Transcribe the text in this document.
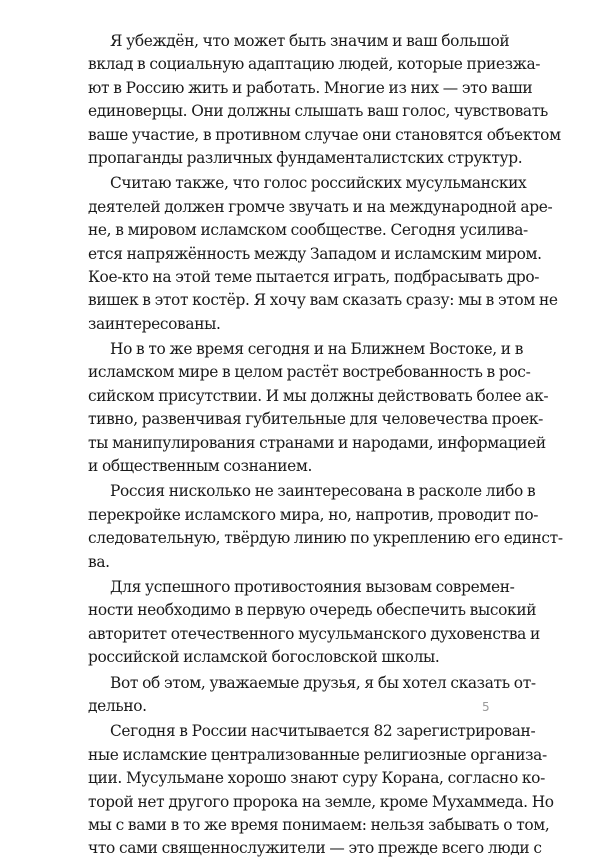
Я убеждён, что может быть значим и ваш большой
вклад в социальную адаптацию людей, которые приезжа-
ют в Россию жить и работать. Многие из них — это ваши
единоверцы. Они должны слышать ваш голос, чувствовать
ваше участие, в противном случае они становятся объектом
пропаганды различных фундаменталистских структур.
Считаю также, что голос российских мусульманских
деятелей должен громче звучать и на международной аре-
не, в мировом исламском сообществе. Сегодня усилива-
ется напряжённость между Западом и исламским миром.
Кое-кто на этой теме пытается играть, подбрасывать дро-
вишек в этот костёр. Я хочу вам сказать сразу: мы в этом не
заинтересованы.
Но в то же время сегодня и на Ближнем Востоке, и в
исламском мире в целом растёт востребованность в рос-
сийском присутствии. И мы должны действовать более ак-
тивно, развенчивая губительные для человечества проек-
ты манипулирования странами и народами, информацией
и общественным сознанием.
Россия нисколько не заинтересована в расколе либо в
перекройке исламского мира, но, напротив, проводит по-
следовательную, твёрдую линию по укреплению его единст-
ва.
Для успешного противостояния вызовам современ-
ности необходимо в первую очередь обеспечить высокий
авторитет отечественного мусульманского духовенства и
российской исламской богословской школы.
Вот об этом, уважаемые друзья, я бы хотел сказать от-
дельно.
Сегодня в России насчитывается 82 зарегистрирован-
ные исламские централизованные религиозные организа-
ции. Мусульмане хорошо знают суру Корана, согласно ко-
торой нет другого пророка на земле, кроме Мухаммеда. Но
мы с вами в то же время понимаем: нельзя забывать о том,
что сами священнослужители — это прежде всего люди с
5
